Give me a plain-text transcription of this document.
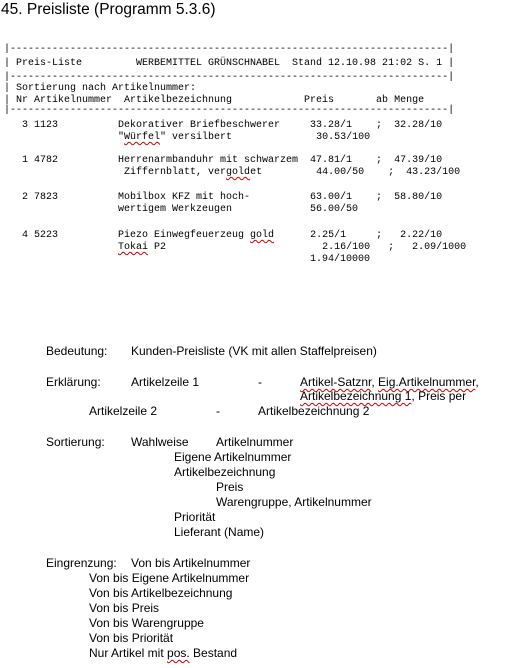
45. Preisliste (Programm 5.3.6)
|-------------------------------------------------------------------------|
| Preis-Liste         WERBEMITTEL GRÜNSCHNABEL  Stand 12.10.98 21:02 S. 1 |
|-------------------------------------------------------------------------|
| Sortierung nach Artikelnummer:
| Nr Artikelnummer  Artikelbezeichnung            Preis       ab Menge
|-------------------------------------------------------------------------|
3 1123          Dekorativer Briefbeschwerer     33.28/1    ;  32.28/10
"Würfel" versilbert              30.53/100
1 4782          Herrenarmbanduhr mit schwarzem  47.81/1    ;  47.39/10
Ziffernblatt, vergoldet         44.00/50    ;  43.23/100
2 7823          Mobilbox KFZ mit hoch-          63.00/1    ;  58.80/10
wertigem Werkzeugen             56.00/50
4 5223          Piezo Einwegfeuerzeug gold      2.25/1     ;   2.22/10
Tokai P2                          2.16/100   ;   2.09/1000
1.94/10000
Bedeutung: Kunden-Preisliste (VK mit allen Staffelpreisen)
Erklärung:	Artikelzeile 1	-	Artikel-Satznr, Eig.Artikelnummer,
Artikelbezeichnung 1, Preis per
Artikelzeile 2	-	Artikelbezeichnung 2
Sortierung: Wahlweise Artikelnummer
Eigene Artikelnummer
Artikelbezeichnung
Preis
Warengruppe, Artikelnummer
Priorität
Lieferant (Name)
Eingrenzung: Von bis Artikelnummer
Von bis Eigene Artikelnummer
Von bis Artikelbezeichnung
Von bis Preis
Von bis Warengruppe
Von bis Priorität
Nur Artikel mit pos. Bestand
